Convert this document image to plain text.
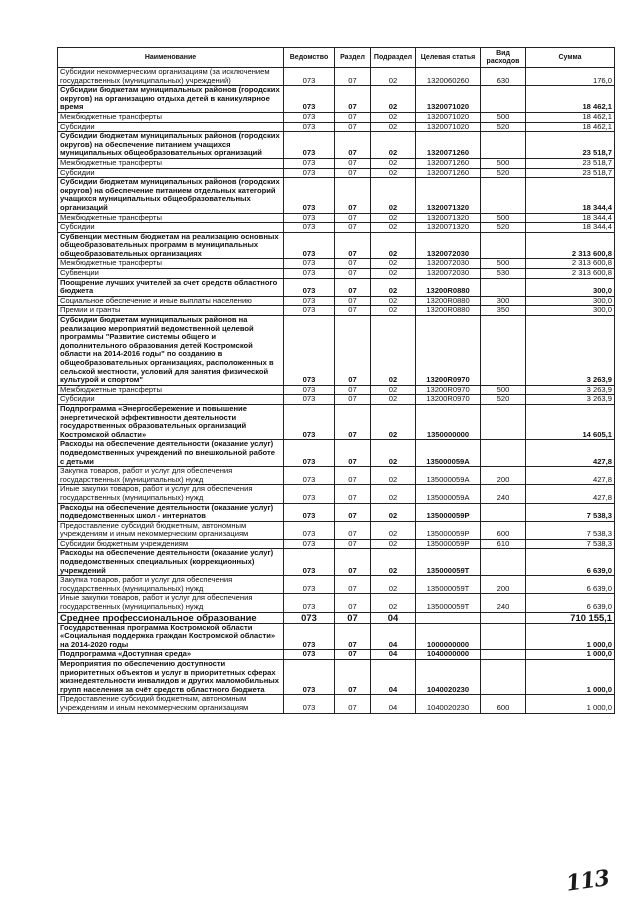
Наименование	Ведомство	Раздел	Подраздел	Целевая статья	Вид расходов	Сумма
Субсидии некоммерческим организациям (за исключением государственных (муниципальных) учреждений)	073	07	02	1320060260	630	176,0
Субсидии бюджетам муниципальных районов (городских округов) на организацию отдыха детей в каникулярное время	073	07	02	1320071020		18 462,1
Межбюджетные трансферты	073	07	02	1320071020	500	18 462,1
Субсидии	073	07	02	1320071020	520	18 462,1
Субсидии бюджетам муниципальных районов (городских округов) на обеспечение питанием учащихся муниципальных общеобразовательных организаций	073	07	02	1320071260		23 518,7
Межбюджетные трансферты	073	07	02	1320071260	500	23 518,7
Субсидии	073	07	02	1320071260	520	23 518,7
Субсидии бюджетам муниципальных районов (городских округов) на обеспечение питанием отдельных категорий учащихся муниципальных общеобразовательных организаций	073	07	02	1320071320		18 344,4
Межбюджетные трансферты	073	07	02	1320071320	500	18 344,4
Субсидии	073	07	02	1320071320	520	18 344,4
Субвенции местным бюджетам на реализацию основных общеобразовательных программ в муниципальных общеобразовательных организациях	073	07	02	1320072030		2 313 600,8
Межбюджетные трансферты	073	07	02	1320072030	500	2 313 600,8
Субвенции	073	07	02	1320072030	530	2 313 600,8
Поощрение лучших учителей за счет средств областного бюджета	073	07	02	13200R0880		300,0
Социальное обеспечение и иные выплаты населению	073	07	02	13200R0880	300	300,0
Премии и гранты	073	07	02	13200R0880	350	300,0
Субсидии бюджетам муниципальных районов на реализацию мероприятий ведомственной целевой программы "Развитие системы общего и дополнительного образования детей Костромской области на 2014-2016 годы" по созданию в общеобразовательных организациях, расположенных в сельской местности, условий для занятия физической культурой и спортом"	073	07	02	13200R0970		3 263,9
Межбюджетные трансферты	073	07	02	13200R0970	500	3 263,9
Субсидии	073	07	02	13200R0970	520	3 263,9
Подпрограмма «Энергосбережение и повышение энергетической эффективности деятельности государственных образовательных организаций Костромской области»	073	07	02	1350000000		14 605,1
Расходы на обеспечение деятельности (оказание услуг) подведомственных учреждений по внешкольной работе с детьми	073	07	02	135000059А		427,8
Закупка товаров, работ и услуг для обеспечения государственных (муниципальных) нужд	073	07	02	135000059А	200	427,8
Иные закупки товаров, работ и услуг для обеспечения государственных (муниципальных) нужд	073	07	02	135000059А	240	427,8
Расходы на обеспечение деятельности (оказание услуг) подведомственных школ - интернатов	073	07	02	135000059Р		7 538,3
Предоставление субсидий бюджетным, автономным учреждениям и иным некоммерческим организациям	073	07	02	135000059Р	600	7 538,3
Субсидии бюджетным учреждениям	073	07	02	135000059Р	610	7 538,3
Расходы на обеспечение деятельности (оказание услуг) подведомственных специальных (коррекционных) учреждений	073	07	02	135000059Т		6 639,0
Закупка товаров, работ и услуг для обеспечения государственных (муниципальных) нужд	073	07	02	135000059Т	200	6 639,0
Иные закупки товаров, работ и услуг для обеспечения государственных (муниципальных) нужд	073	07	02	135000059Т	240	6 639,0
Среднее профессиональное образование	073	07	04			710 155,1
Государственная программа Костромской области «Социальная поддержка граждан Костромской области» на 2014-2020 годы	073	07	04	1000000000		1 000,0
Подпрограмма «Доступная среда»	073	07	04	1040000000		1 000,0
Мероприятия по обеспечению доступности приоритетных объектов и услуг в приоритетных сферах жизнедеятельности инвалидов и других маломобильных групп населения за счёт средств областного бюджета	073	07	04	1040020230		1 000,0
Предоставление субсидий бюджетным, автономным учреждениям и иным некоммерческим организациям	073	07	04	1040020230	600	1 000,0
113
